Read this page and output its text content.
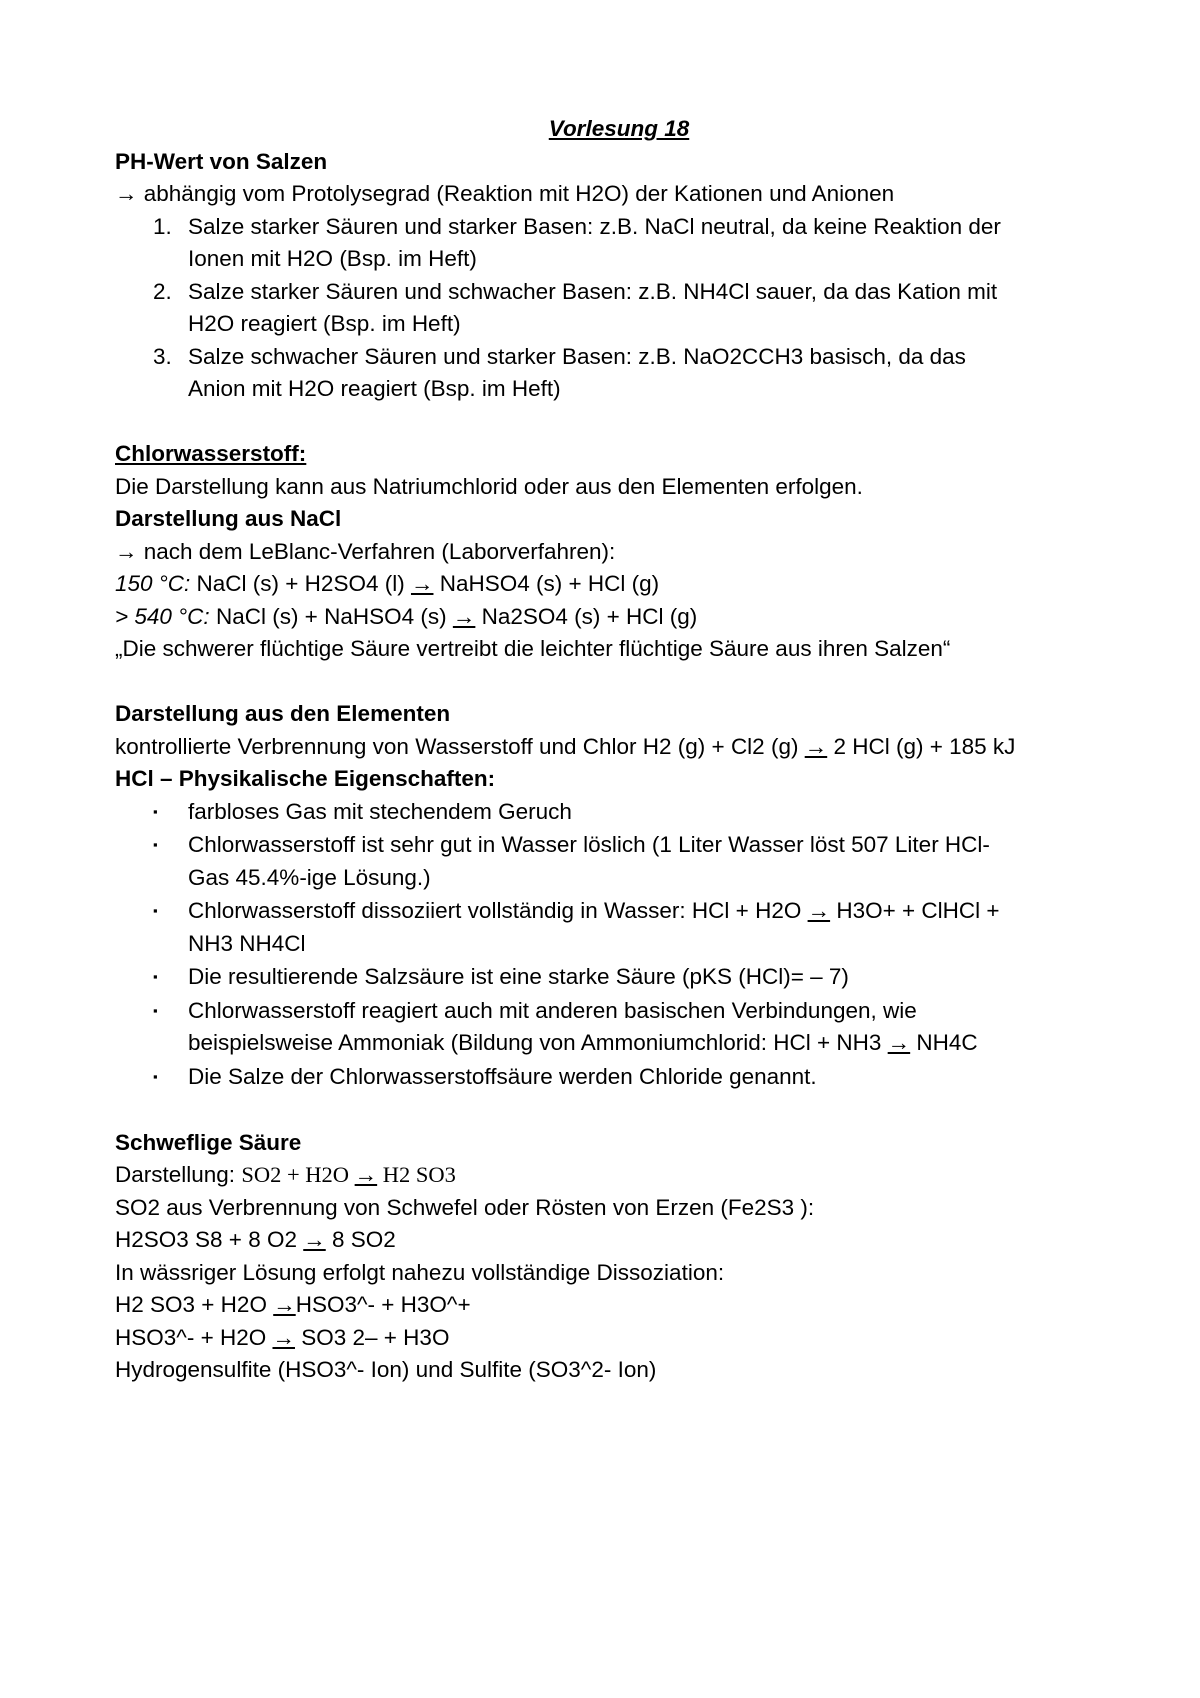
Vorlesung 18
PH-Wert von Salzen
→ abhängig vom Protolysegrad (Reaktion mit H2O) der Kationen und Anionen
1. Salze starker Säuren und starker Basen: z.B. NaCl neutral, da keine Reaktion der
Ionen mit H2O (Bsp. im Heft)
2. Salze starker Säuren und schwacher Basen: z.B. NH4Cl sauer, da das Kation mit
H2O reagiert (Bsp. im Heft)
3. Salze schwacher Säuren und starker Basen: z.B. NaO2CCH3 basisch, da das
Anion mit H2O reagiert (Bsp. im Heft)
Chlorwasserstoff:
Die Darstellung kann aus Natriumchlorid oder aus den Elementen erfolgen.
Darstellung aus NaCl
→ nach dem LeBlanc-Verfahren (Laborverfahren):
150 °C: NaCl (s) + H2SO4 (l) → NaHSO4 (s) + HCl (g)
> 540 °C: NaCl (s) + NaHSO4 (s) → Na2SO4 (s) + HCl (g)
„Die schwerer flüchtige Säure vertreibt die leichter flüchtige Säure aus ihren Salzen“
Darstellung aus den Elementen
kontrollierte Verbrennung von Wasserstoff und Chlor H2 (g) + Cl2 (g) → 2 HCl (g) + 185 kJ
HCl – Physikalische Eigenschaften:
▪ farbloses Gas mit stechendem Geruch
▪ Chlorwasserstoff ist sehr gut in Wasser löslich (1 Liter Wasser löst 507 Liter HCl-
Gas 45.4%-ige Lösung.)
▪ Chlorwasserstoff dissoziiert vollständig in Wasser: HCl + H2O → H3O+ + ClHCl +
NH3 NH4Cl
▪ Die resultierende Salzsäure ist eine starke Säure (pKS (HCl)= – 7)
▪ Chlorwasserstoff reagiert auch mit anderen basischen Verbindungen, wie
beispielsweise Ammoniak (Bildung von Ammoniumchlorid: HCl + NH3 → NH4C
▪ Die Salze der Chlorwasserstoffsäure werden Chloride genannt.
Schweflige Säure
Darstellung: SO2 + H2O → H2 SO3
SO2 aus Verbrennung von Schwefel oder Rösten von Erzen (Fe2S3 ):
H2SO3 S8 + 8 O2 → 8 SO2
In wässriger Lösung erfolgt nahezu vollständige Dissoziation:
H2 SO3 + H2O →HSO3^- + H3O^+
HSO3^- + H2O → SO3 2– + H3O
Hydrogensulfite (HSO3^- Ion) und Sulfite (SO3^2- Ion)
